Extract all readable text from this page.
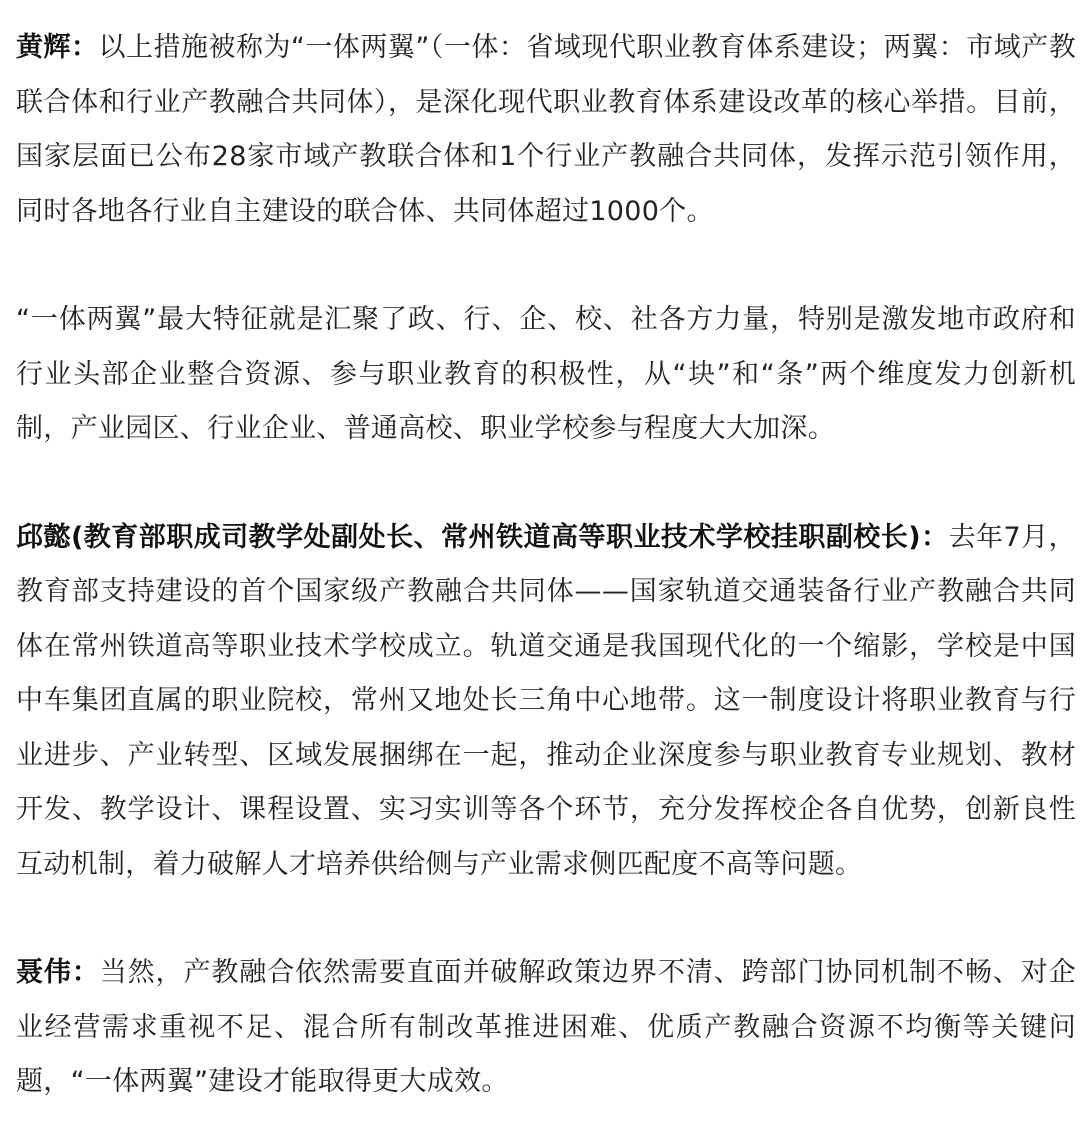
黄辉：以上措施被称为“一体两翼”（一体：省域现代职业教育体系建设；两翼：市域产教联合体和行业产教融合共同体），是深化现代职业教育体系建设改革的核心举措。目前，国家层面已公布28家市域产教联合体和1个行业产教融合共同体，发挥示范引领作用，同时各地各行业自主建设的联合体、共同体超过1000个。

“一体两翼”最大特征就是汇聚了政、行、企、校、社各方力量，特别是激发地市政府和行业头部企业整合资源、参与职业教育的积极性，从“块”和“条”两个维度发力创新机制，产业园区、行业企业、普通高校、职业学校参与程度大大加深。

邱懿(教育部职成司教学处副处长、常州铁道高等职业技术学校挂职副校长)：去年7月，教育部支持建设的首个国家级产教融合共同体——国家轨道交通装备行业产教融合共同体在常州铁道高等职业技术学校成立。轨道交通是我国现代化的一个缩影，学校是中国中车集团直属的职业院校，常州又地处长三角中心地带。这一制度设计将职业教育与行业进步、产业转型、区域发展捆绑在一起，推动企业深度参与职业教育专业规划、教材开发、教学设计、课程设置、实习实训等各个环节，充分发挥校企各自优势，创新良性互动机制，着力破解人才培养供给侧与产业需求侧匹配度不高等问题。

聂伟：当然，产教融合依然需要直面并破解政策边界不清、跨部门协同机制不畅、对企业经营需求重视不足、混合所有制改革推进困难、优质产教融合资源不均衡等关键问题，“一体两翼”建设才能取得更大成效。
